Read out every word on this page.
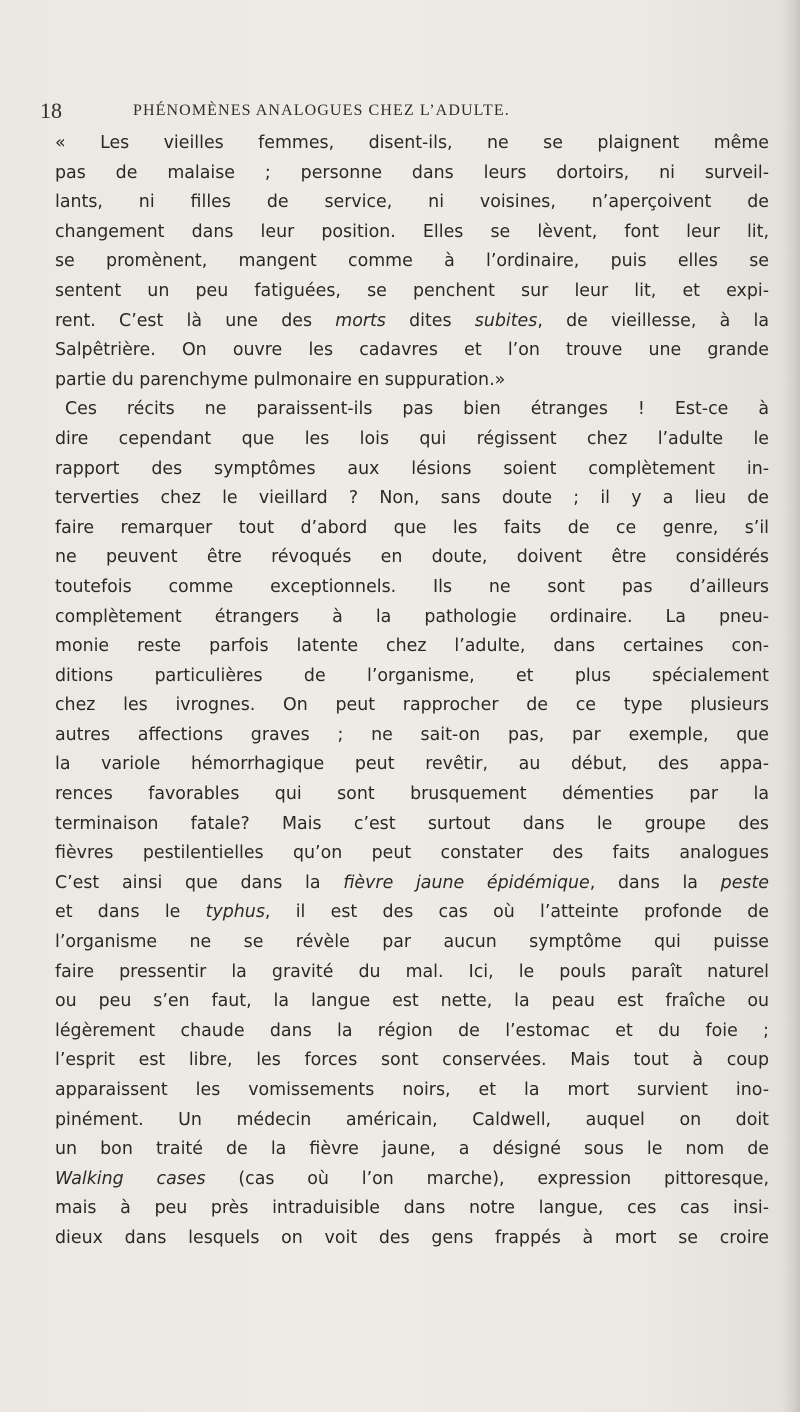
18	PHÉNOMÈNES ANALOGUES CHEZ L’ADULTE.
« Les vieilles femmes, disent-ils, ne se plaignent même
pas de malaise ; personne dans leurs dortoirs, ni surveil-
lants, ni filles de service, ni voisines, n’aperçoivent de
changement dans leur position. Elles se lèvent, font leur lit,
se promènent, mangent comme à l’ordinaire, puis elles se
sentent un peu fatiguées, se penchent sur leur lit, et expi-
rent. C’est là une des morts dites subites, de vieillesse, à la
Salpêtrière. On ouvre les cadavres et l’on trouve une grande
partie du parenchyme pulmonaire en suppuration.»
Ces récits ne paraissent-ils pas bien étranges ! Est-ce à
dire cependant que les lois qui régissent chez l’adulte le
rapport des symptômes aux lésions soient complètement in-
terverties chez le vieillard ? Non, sans doute ; il y a lieu de
faire remarquer tout d’abord que les faits de ce genre, s’il
ne peuvent être révoqués en doute, doivent être considérés
toutefois comme exceptionnels. Ils ne sont pas d’ailleurs
complètement étrangers à la pathologie ordinaire. La pneu-
monie reste parfois latente chez l’adulte, dans certaines con-
ditions particulières de l’organisme, et plus spécialement
chez les ivrognes. On peut rapprocher de ce type plusieurs
autres affections graves ; ne sait-on pas, par exemple, que
la variole hémorrhagique peut revêtir, au début, des appa-
rences favorables qui sont brusquement démenties par la
terminaison fatale? Mais c’est surtout dans le groupe des
fièvres pestilentielles qu’on peut constater des faits analogues
C’est ainsi que dans la fièvre jaune épidémique, dans la peste
et dans le typhus, il est des cas où l’atteinte profonde de
l’organisme ne se révèle par aucun symptôme qui puisse
faire pressentir la gravité du mal. Ici, le pouls paraît naturel
ou peu s’en faut, la langue est nette, la peau est fraîche ou
légèrement chaude dans la région de l’estomac et du foie ;
l’esprit est libre, les forces sont conservées. Mais tout à coup
apparaissent les vomissements noirs, et la mort survient ino-
pinément. Un médecin américain, Caldwell, auquel on doit
un bon traité de la fièvre jaune, a désigné sous le nom de
Walking cases (cas où l’on marche), expression pittoresque,
mais à peu près intraduisible dans notre langue, ces cas insi-
dieux dans lesquels on voit des gens frappés à mort se croire
